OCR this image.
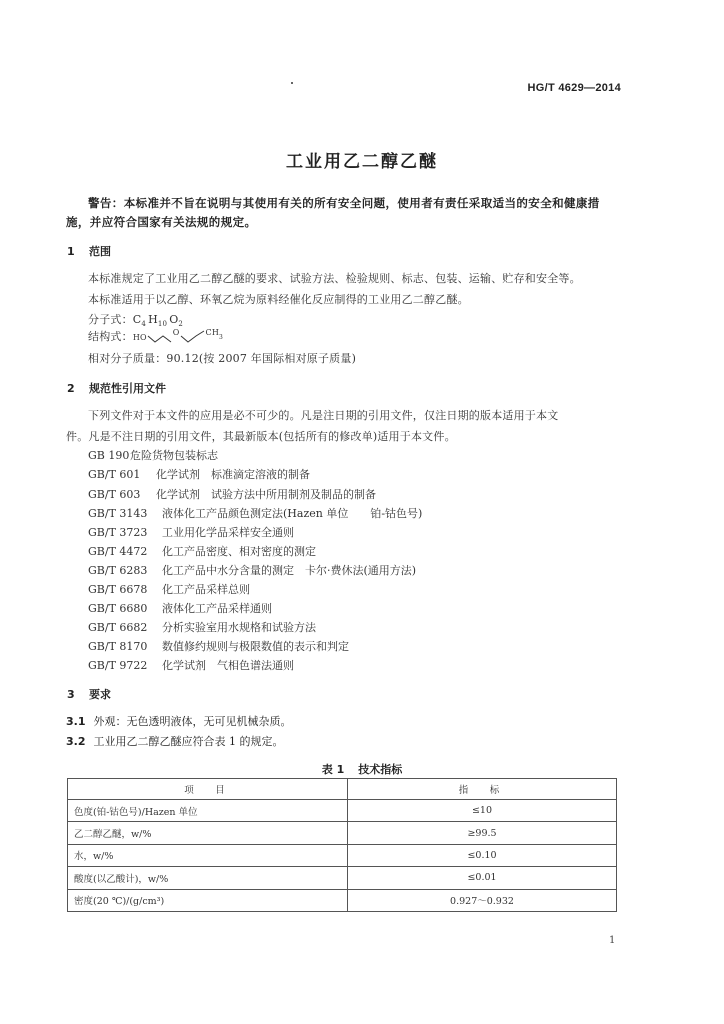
HG/T 4629—2014
工业用乙二醇乙醚
警告：本标准并不旨在说明与其使用有关的所有安全问题，使用者有责任采取适当的安全和健康措
施，并应符合国家有关法规的规定。
1 范围
本标准规定了工业用乙二醇乙醚的要求、试验方法、检验规则、标志、包装、运输、贮存和安全等。
本标准适用于以乙醇、环氧乙烷为原料经催化反应制得的工业用乙二醇乙醚。
分子式：$C_4$ $H_{10}$ $O_2$
结构式：$HO^O$	$^{CH}_3$
相对分子质量：90.12(按 2007 年国际相对原子质量)
2 规范性引用文件
下列文件对于本文件的应用是必不可少的。凡是注日期的引用文件，仅注日期的版本适用于本文
件。凡是不注日期的引用文件，其最新版本(包括所有的修改单)适用于本文件。
GB 190危险货物包装标志
GB/T 601 化学试剂　标准滴定溶液的制备
GB/T 603 化学试剂　试验方法中所用制剂及制品的制备
GB/T 3143 液体化工产品颜色测定法(Hazen 单位　　铂-钴色号)
GB/T 3723 工业用化学品采样安全通则
GB/T 4472 化工产品密度、相对密度的测定
GB/T 6283 化工产品中水分含量的测定　卡尔·费休法(通用方法)
GB/T 6678 化工产品采样总则
GB/T 6680 液体化工产品采样通则
GB/T 6682 分析实验室用水规格和试验方法
GB/T 8170 数值修约规则与极限数值的表示和判定
GB/T 9722 化学试剂　气相色谱法通则
3 要求
3.1 外观：无色透明液体，无可见机械杂质。
3.2 工业用乙二醇乙醚应符合表 1 的规定。
表 1 技术指标
项　目	指　标
色度(铂-钴色号)/Hazen 单位	≤10
乙二醇乙醚，w/%	≥99.5
水，w/%	≤0.10
酸度(以乙酸计)，w/%	≤0.01
密度(20 ℃)/(g/cm³)	0.927～0.932
1
